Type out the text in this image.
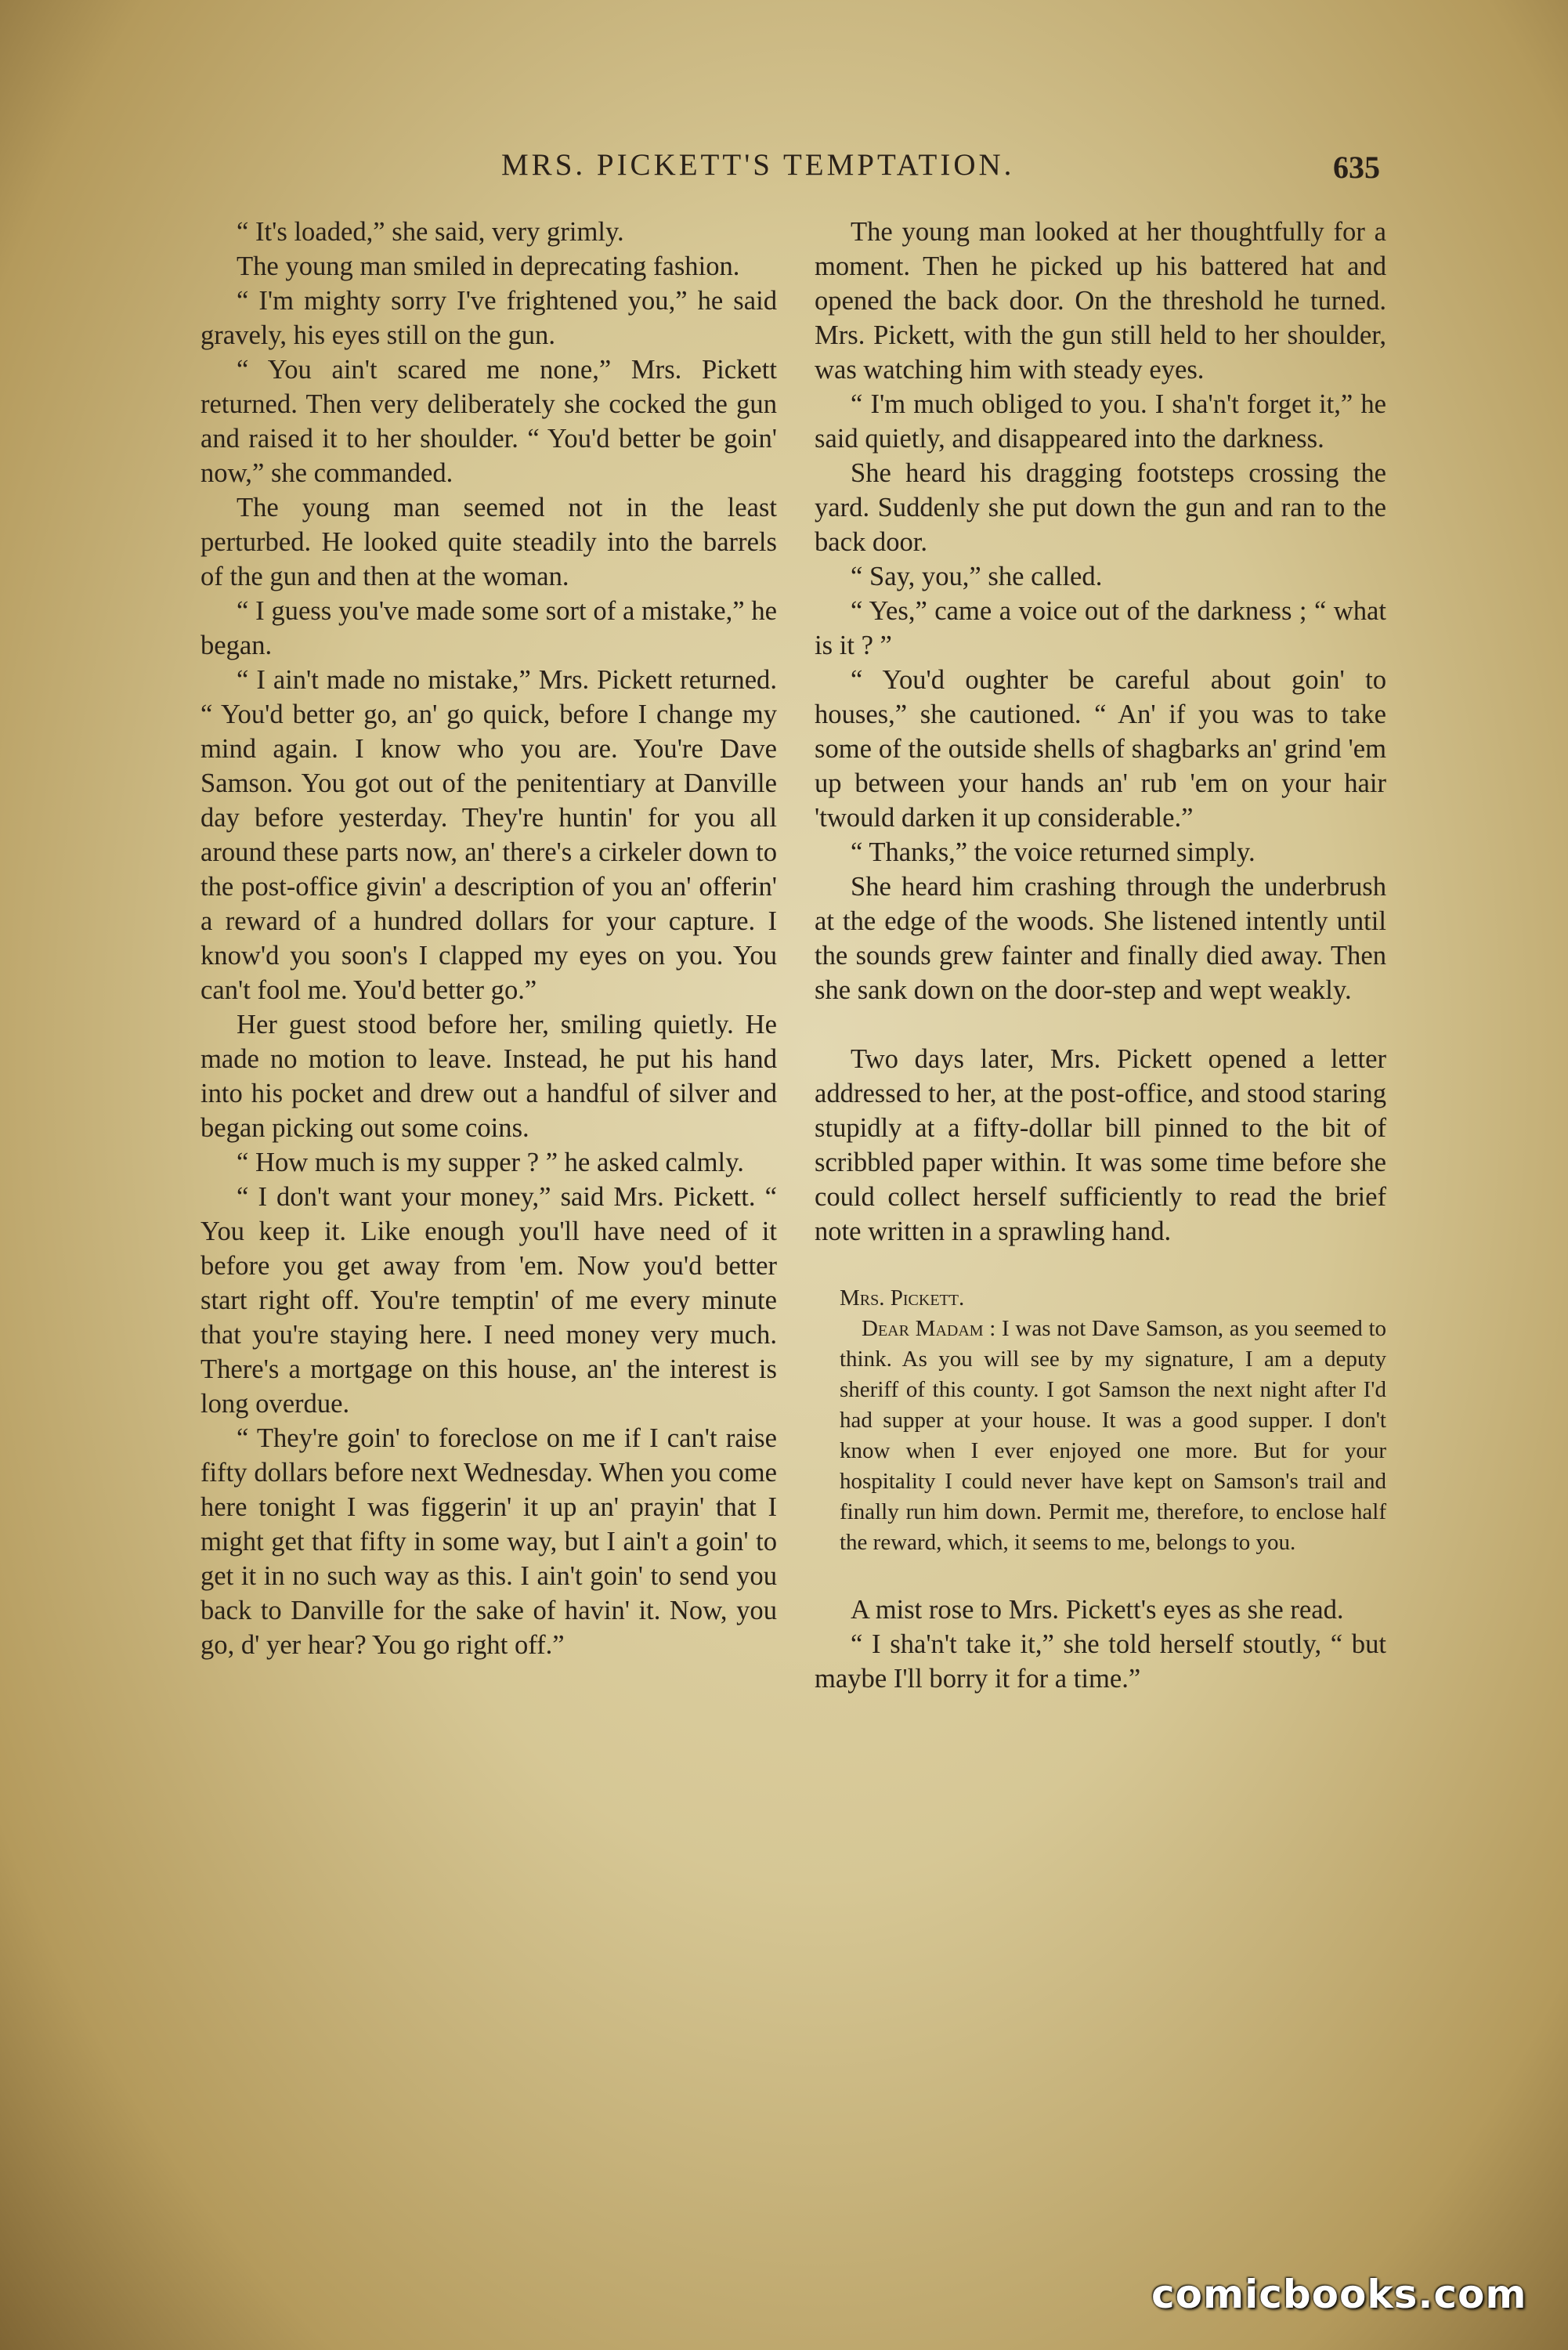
MRS. PICKETT'S TEMPTATION.	635

“ It's loaded,” she said, very grimly.

The young man smiled in deprecating fashion.

“ I'm mighty sorry I've frightened you,” he said gravely, his eyes still on the gun.

“ You ain't scared me none,” Mrs. Pickett returned. Then very deliberately she cocked the gun and raised it to her shoulder. “ You'd better be goin' now,” she commanded.

The young man seemed not in the least perturbed. He looked quite steadily into the barrels of the gun and then at the woman.

“ I guess you've made some sort of a mistake,” he began.

“ I ain't made no mistake,” Mrs. Pickett returned. “ You'd better go, an' go quick, before I change my mind again. I know who you are. You're Dave Samson. You got out of the penitentiary at Danville day before yesterday. They're huntin' for you all around these parts now, an' there's a cirkeler down to the post-office givin' a description of you an' offerin' a reward of a hundred dollars for your capture. I know'd you soon's I clapped my eyes on you. You can't fool me. You'd better go.”

Her guest stood before her, smiling quietly. He made no motion to leave. Instead, he put his hand into his pocket and drew out a handful of silver and began picking out some coins.

“ How much is my supper ? ” he asked calmly.

“ I don't want your money,” said Mrs. Pickett. “ You keep it. Like enough you'll have need of it before you get away from 'em. Now you'd better start right off. You're temptin' of me every minute that you're staying here. I need money very much. There's a mortgage on this house, an' the interest is long overdue.

“ They're goin' to foreclose on me if I can't raise fifty dollars before next Wednesday. When you come here tonight I was figgerin' it up an' prayin' that I might get that fifty in some way, but I ain't a goin' to get it in no such way as this. I ain't goin' to send you back to Danville for the sake of havin' it. Now, you go, d' yer hear? You go right off.”

The young man looked at her thoughtfully for a moment. Then he picked up his battered hat and opened the back door. On the threshold he turned. Mrs. Pickett, with the gun still held to her shoulder, was watching him with steady eyes.

“ I'm much obliged to you. I sha'n't forget it,” he said quietly, and disappeared into the darkness.

She heard his dragging footsteps crossing the yard. Suddenly she put down the gun and ran to the back door.

“ Say, you,” she called.

“ Yes,” came a voice out of the darkness ; “ what is it ? ”

“ You'd oughter be careful about goin' to houses,” she cautioned. “ An' if you was to take some of the outside shells of shagbarks an' grind 'em up between your hands an' rub 'em on your hair 'twould darken it up considerable.”

“ Thanks,” the voice returned simply.

She heard him crashing through the underbrush at the edge of the woods. She listened intently until the sounds grew fainter and finally died away. Then she sank down on the door-step and wept weakly.

Two days later, Mrs. Pickett opened a letter addressed to her, at the post-office, and stood staring stupidly at a fifty-dollar bill pinned to the bit of scribbled paper within. It was some time before she could collect herself sufficiently to read the brief note written in a sprawling hand.

Mrs. Pickett.

Dear Madam : I was not Dave Samson, as you seemed to think. As you will see by my signature, I am a deputy sheriff of this county. I got Samson the next night after I'd had supper at your house. It was a good supper. I don't know when I ever enjoyed one more. But for your hospitality I could never have kept on Samson's trail and finally run him down. Permit me, therefore, to enclose half the reward, which, it seems to me, belongs to you.

A mist rose to Mrs. Pickett's eyes as she read.

“ I sha'n't take it,” she told herself stoutly, “ but maybe I'll borry it for a time.”

comicbooks.com
